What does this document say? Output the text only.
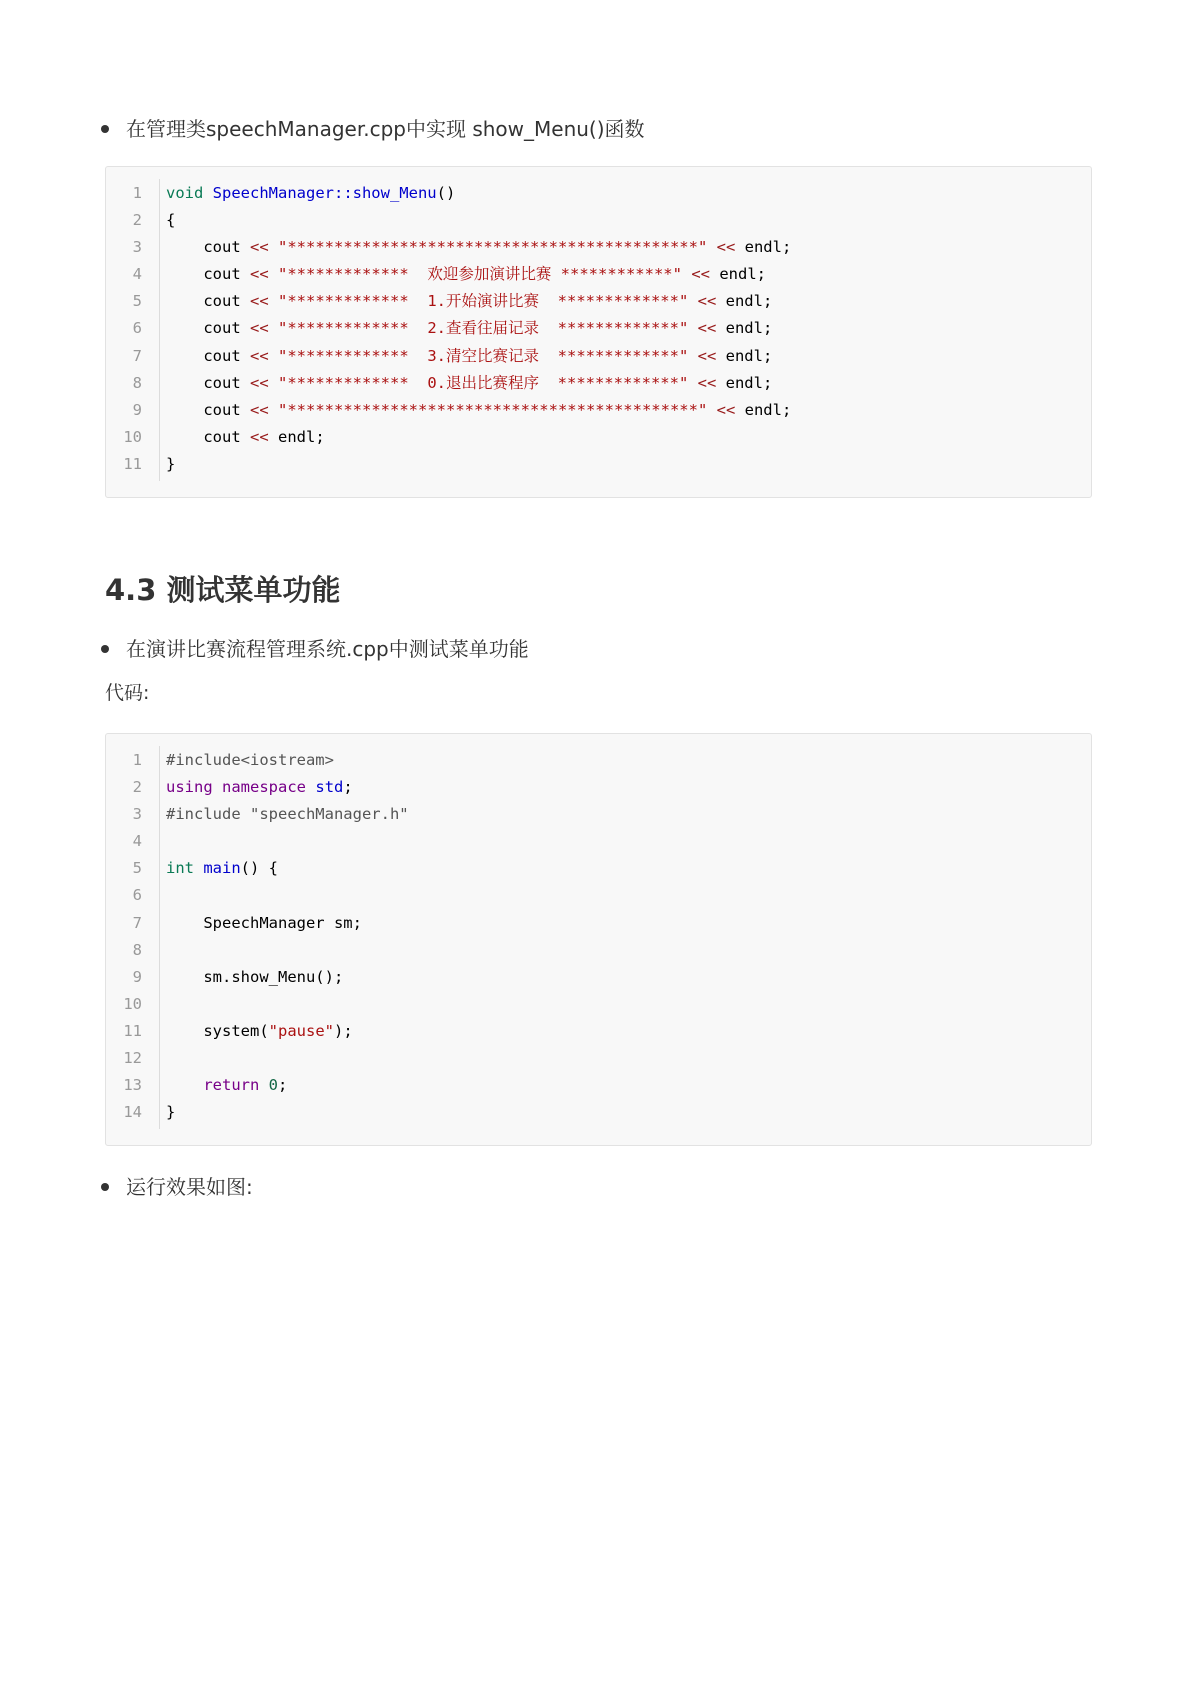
在管理类speechManager.cpp中实现 show_Menu()函数
1 void SpeechManager::show_Menu()
2 {
3 cout << "********************************************" << endl;
4 cout << "*************  欢迎参加演讲比赛 ************" << endl;
5 cout << "*************  1.开始演讲比赛  *************" << endl;
6 cout << "*************  2.查看往届记录  *************" << endl;
7 cout << "*************  3.清空比赛记录  *************" << endl;
8 cout << "*************  0.退出比赛程序  *************" << endl;
9 cout << "********************************************" << endl;
10 cout << endl;
11 }
4.3 测试菜单功能
在演讲比赛流程管理系统.cpp中测试菜单功能
代码:
1 #include<iostream>
2 using namespace std;
3 #include "speechManager.h"
4
5 int main() {
6
7 SpeechManager sm;
8
9 sm.show_Menu();
10
11 system("pause");
12
13	return 0;
14 }
运行效果如图:
